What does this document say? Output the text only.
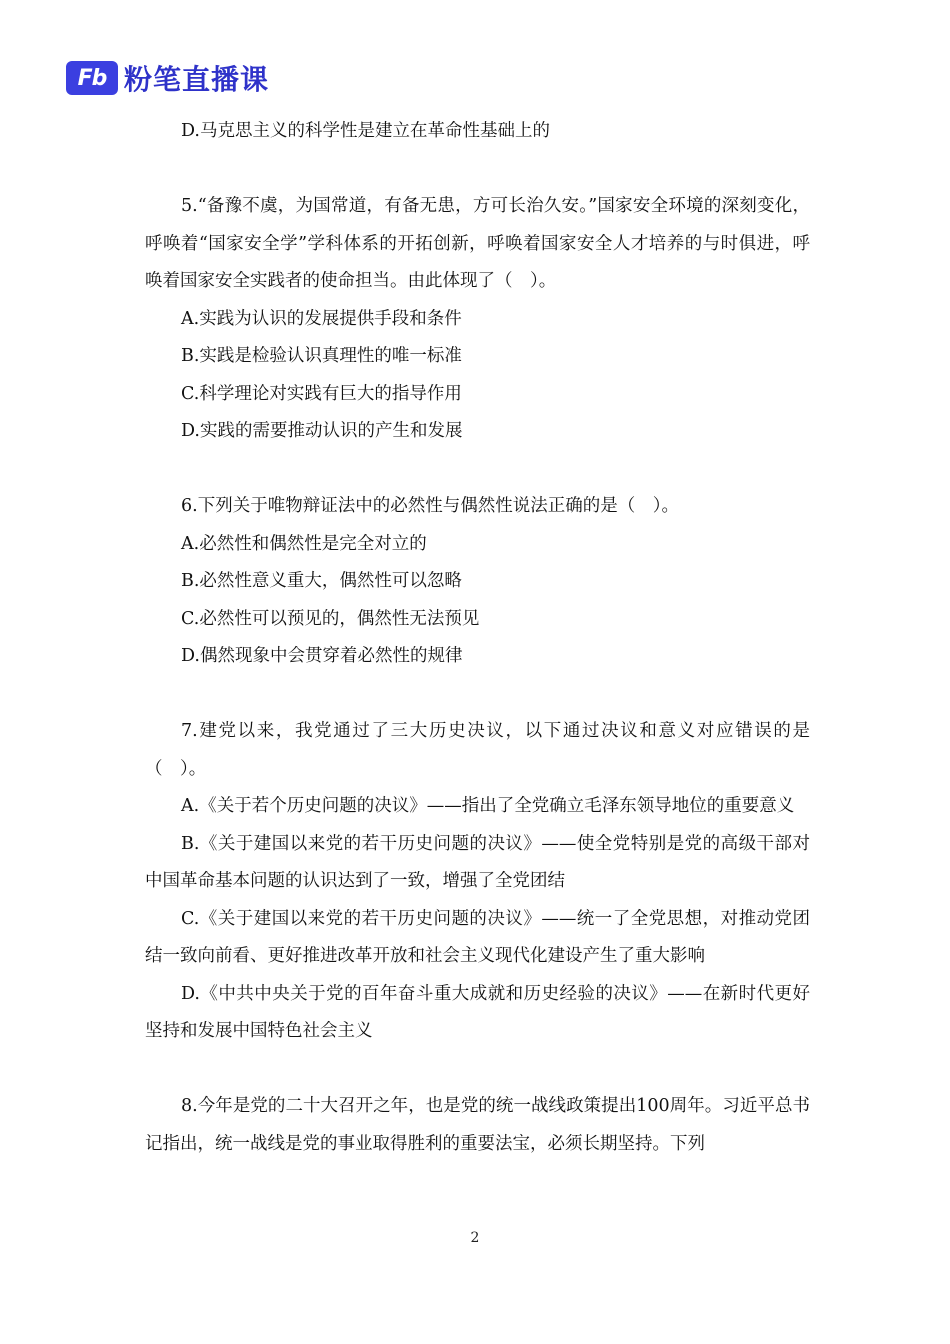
Fb 粉笔直播课

D.马克思主义的科学性是建立在革命性基础上的

5.“备豫不虞，为国常道，有备无患，方可长治久安。”国家安全环境的深刻变化，呼唤着“国家安全学”学科体系的开拓创新，呼唤着国家安全人才培养的与时俱进，呼唤着国家安全实践者的使命担当。由此体现了（　）。

A.实践为认识的发展提供手段和条件

B.实践是检验认识真理性的唯一标准

C.科学理论对实践有巨大的指导作用

D.实践的需要推动认识的产生和发展

6.下列关于唯物辩证法中的必然性与偶然性说法正确的是（　）。

A.必然性和偶然性是完全对立的

B.必然性意义重大，偶然性可以忽略

C.必然性可以预见的，偶然性无法预见

D.偶然现象中会贯穿着必然性的规律

7.建党以来，我党通过了三大历史决议，以下通过决议和意义对应错误的是（　）。

A.《关于若个历史问题的决议》——指出了全党确立毛泽东领导地位的重要意义

B.《关于建国以来党的若干历史问题的决议》——使全党特别是党的高级干部对中国革命基本问题的认识达到了一致，增强了全党团结

C.《关于建国以来党的若干历史问题的决议》——统一了全党思想，对推动党团结一致向前看、更好推进改革开放和社会主义现代化建设产生了重大影响

D.《中共中央关于党的百年奋斗重大成就和历史经验的决议》——在新时代更好坚持和发展中国特色社会主义

8.今年是党的二十大召开之年，也是党的统一战线政策提出100周年。习近平总书记指出，统一战线是党的事业取得胜利的重要法宝，必须长期坚持。下列

2
